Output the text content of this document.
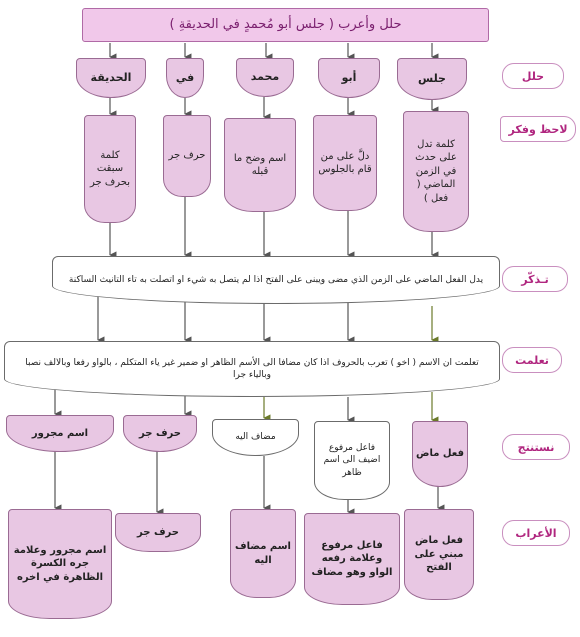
حلل وأعرب ( جلس أبو مُحمدٍ في الحديقةِ )
حلل
لاحظ وفكر
تـذكّر
تعلمت
نستنتج
الأعراب
جلس
أبو
محمد
في
الحديقة
كلمة تدل على حدث في الزمن الماضي ( فعل )
دلَّ على من قام بالجلوس
اسم وضح ما قبله
حرف جر
كلمة سبقت بحرف جر
يدل الفعل الماضي على الزمن الذي مضى ويبنى على الفتح اذا لم يتصل به شيء او اتصلت به تاء التانيث الساكنة
تعلمت ان الاسم ( اخو ) تعرب بالحروف اذا كان مضافا الى الأسم الظاهر او ضمير غير ياء المتكلم ، بالواو رفعا وبالالف نصبا وبالياء جرا
فعل ماض
فاعل مرفوع اضيف الى اسم ظاهر
مضاف اليه
حرف جر
اسم مجرور
فعل ماض مبني على الفتح
فاعل مرفوع وعلامة رفعه الواو وهو مضاف
اسم مضاف اليه
حرف جر
اسم مجرور وعلامة جره الكسرة الظاهرة في اخره
